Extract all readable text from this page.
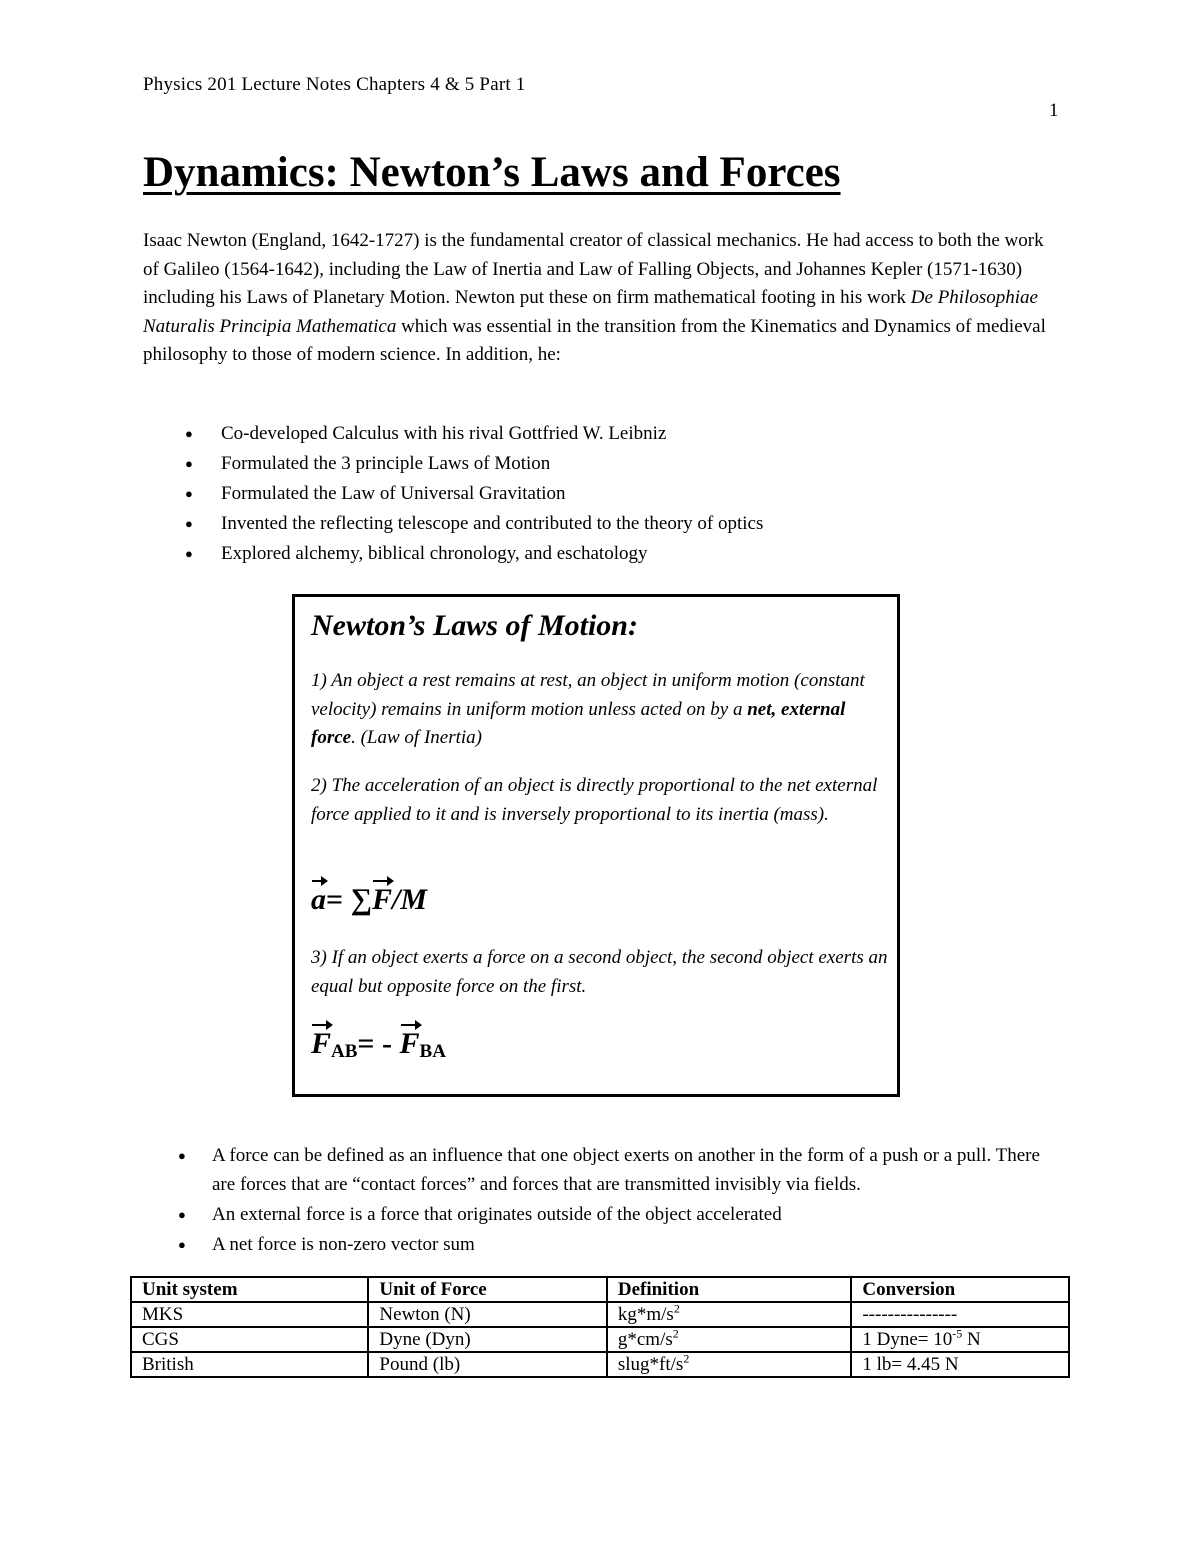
Physics 201 Lecture Notes Chapters 4 & 5 Part 1
1
Dynamics: Newton’s Laws and Forces

Isaac Newton (England, 1642-1727) is the fundamental creator of classical mechanics. He had access to both the work of Galileo (1564-1642), including the Law of Inertia and Law of Falling Objects, and Johannes Kepler (1571-1630) including his Laws of Planetary Motion. Newton put these on firm mathematical footing in his work De Philosophiae Naturalis Principia Mathematica which was essential in the transition from the Kinematics and Dynamics of medieval philosophy to those of modern science. In addition, he:

● Co-developed Calculus with his rival Gottfried W. Leibniz
● Formulated the 3 principle Laws of Motion
● Formulated the Law of Universal Gravitation
● Invented the reflecting telescope and contributed to the theory of optics
● Explored alchemy, biblical chronology, and eschatology
Newton’s Laws of Motion:

1) An object a rest remains at rest, an object in uniform motion (constant velocity) remains in uniform motion unless acted on by a net, external force. (Law of Inertia)

2) The acceleration of an object is directly proportional to the net external force applied to it and is inversely proportional to its inertia (mass).

a= ∑F/M

3) If an object exerts a force on a second object, the second object exerts an equal but opposite force on the first.

$F_{AB}= - F_{BA}$
● A force can be defined as an influence that one object exerts on another in the form of a push or a pull. There are forces that are “contact forces” and forces that are transmitted invisibly via fields.
● An external force is a force that originates outside of the object accelerated
● A net force is non-zero vector sum
Unit system	Unit of Force	Definition	Conversion
MKS	Newton (N)	$kg*m/s^2$	---------------
CGS	Dyne (Dyn)	$g*cm/s^2$	1 Dyne= $10^{-5}$ N
British	Pound (lb)	$slug*ft/s^2$	1 lb= 4.45 N
